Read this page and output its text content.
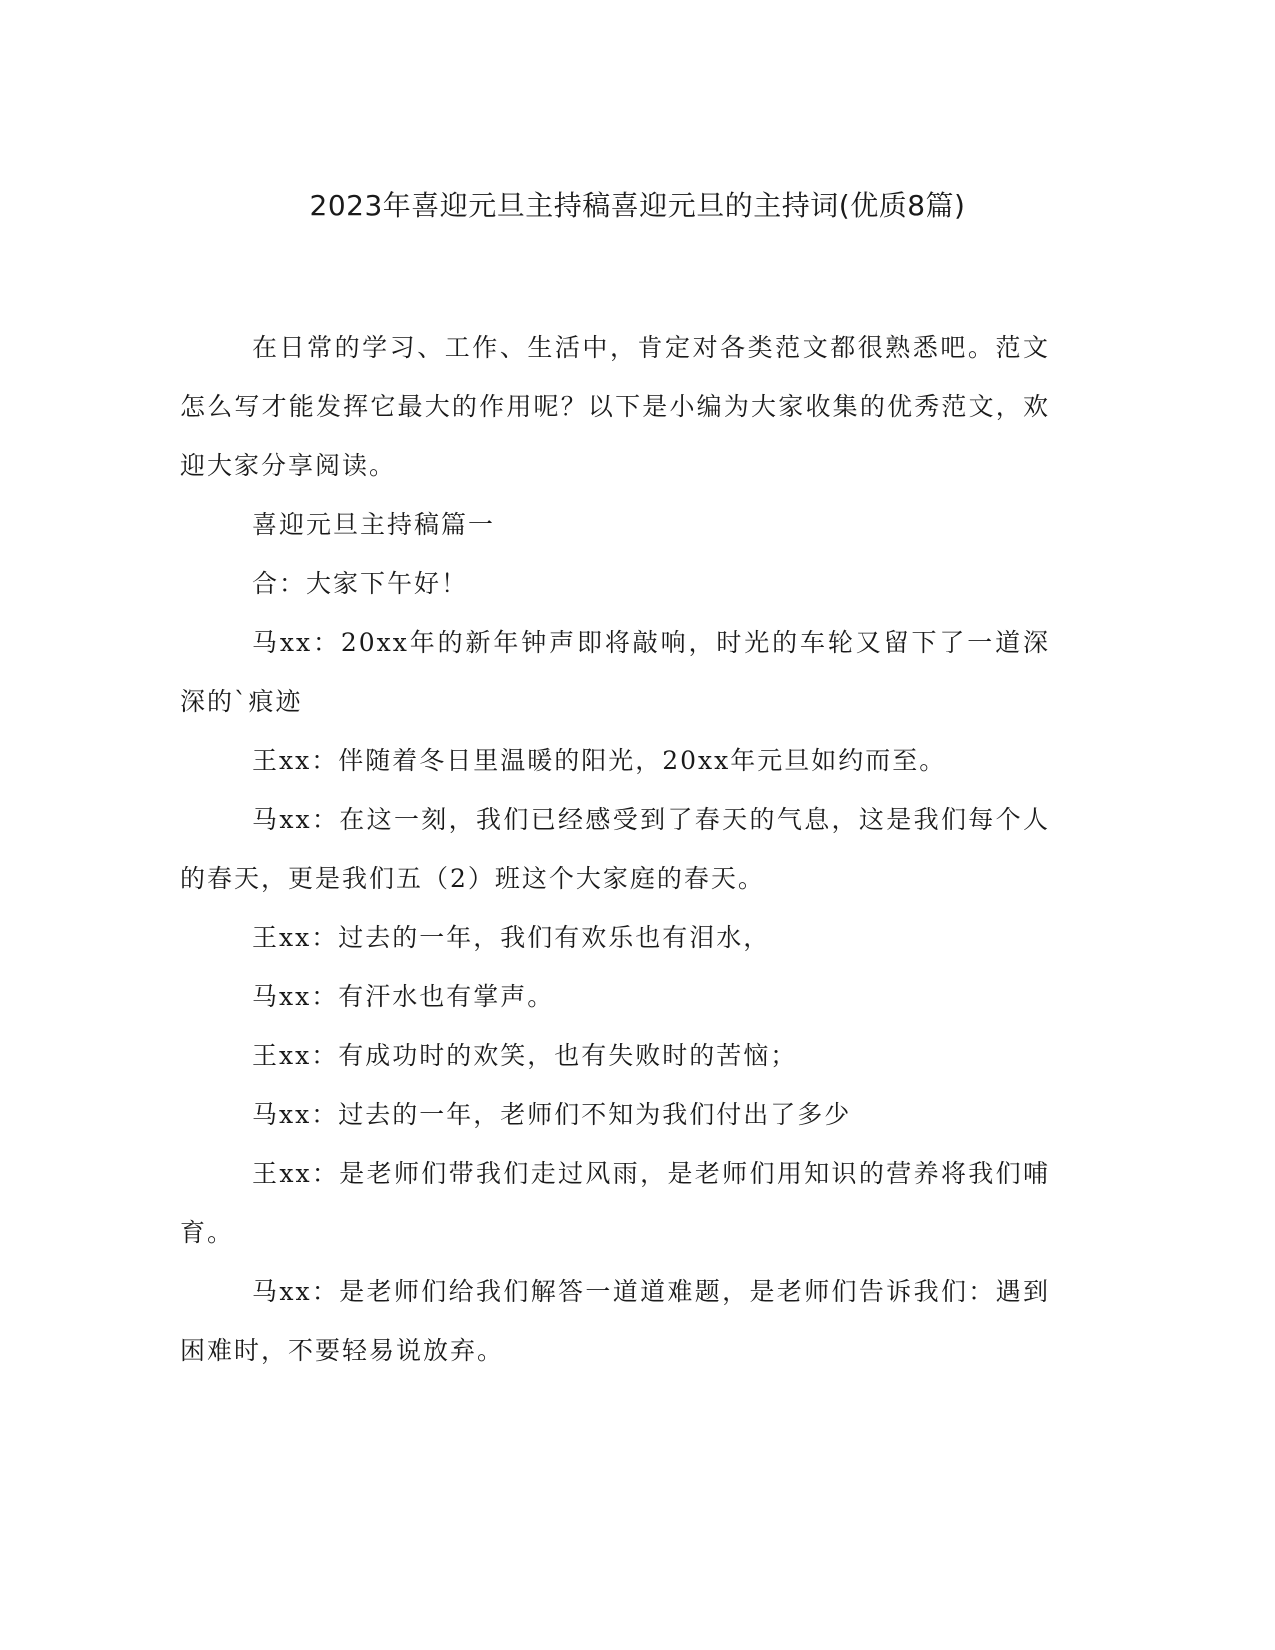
2023年喜迎元旦主持稿喜迎元旦的主持词(优质8篇)

在日常的学习、工作、生活中，肯定对各类范文都很熟悉吧。范文怎么写才能发挥它最大的作用呢？以下是小编为大家收集的优秀范文，欢迎大家分享阅读。

喜迎元旦主持稿篇一

合：大家下午好！

马xx：20xx年的新年钟声即将敲响，时光的车轮又留下了一道深深的`痕迹

王xx：伴随着冬日里温暖的阳光，20xx年元旦如约而至。

马xx：在这一刻，我们已经感受到了春天的气息，这是我们每个人的春天，更是我们五（2）班这个大家庭的春天。

王xx：过去的一年，我们有欢乐也有泪水，

马xx：有汗水也有掌声。

王xx：有成功时的欢笑，也有失败时的苦恼；

马xx：过去的一年，老师们不知为我们付出了多少

王xx：是老师们带我们走过风雨，是老师们用知识的营养将我们哺育。

马xx：是老师们给我们解答一道道难题，是老师们告诉我们：遇到困难时，不要轻易说放弃。
